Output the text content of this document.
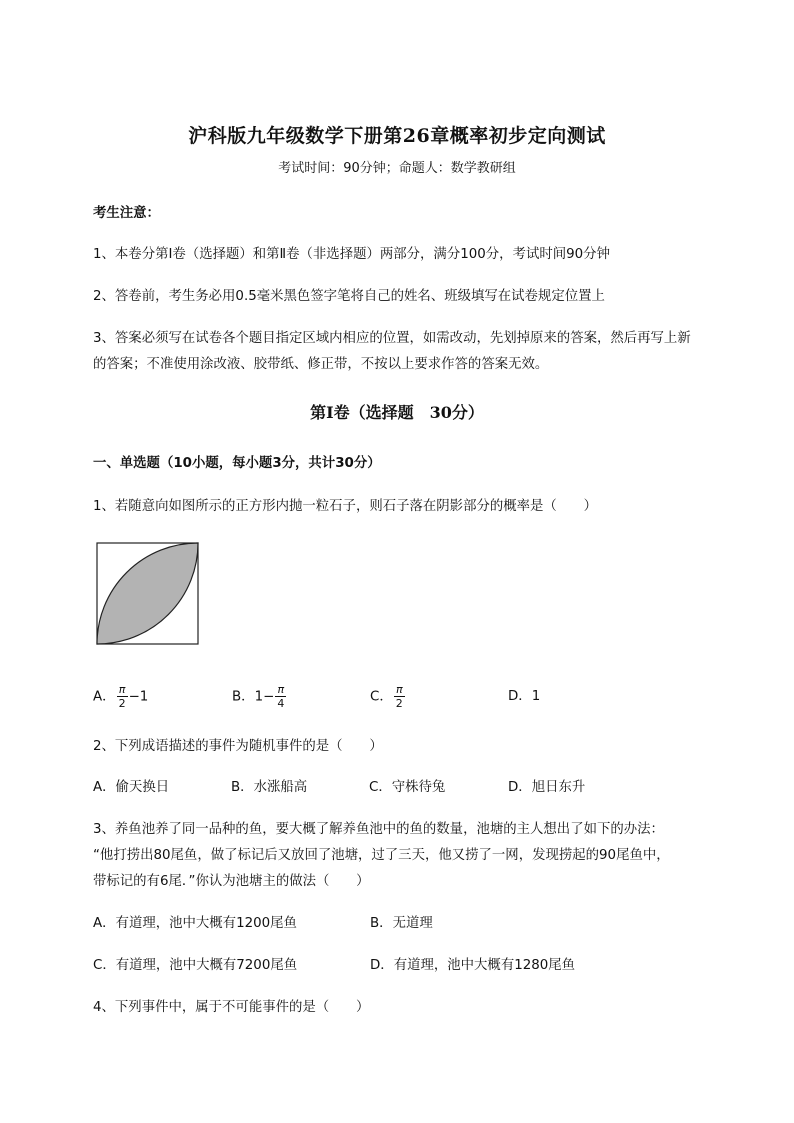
沪科版九年级数学下册第26章概率初步定向测试
考试时间：90分钟；命题人：数学教研组
考生注意：
1、本卷分第Ⅰ卷（选择题）和第Ⅱ卷（非选择题）两部分，满分100分，考试时间90分钟
2、答卷前，考生务必用0.5毫米黑色签字笔将自己的姓名、班级填写在试卷规定位置上
3、答案必须写在试卷各个题目指定区域内相应的位置，如需改动，先划掉原来的答案，然后再写上新
的答案；不准使用涂改液、胶带纸、修正带，不按以上要求作答的答案无效。
第Ⅰ卷（选择题　30分）
一、单选题（10小题，每小题3分，共计30分）
1、若随意向如图所示的正方形内抛一粒石子，则石子落在阴影部分的概率是（　　）
A． $\frac{\pi}{2} -1$	B．$1- \frac{\pi}{4}$	C． $\frac{\pi}{2}$	D．1
2、下列成语描述的事件为随机事件的是（　　）
A．偷天换日	B．水涨船高	C．守株待兔	D．旭日东升
3、养鱼池养了同一品种的鱼，要大概了解养鱼池中的鱼的数量，池塘的主人想出了如下的办法：
“他打捞出80尾鱼，做了标记后又放回了池塘，过了三天，他又捞了一网，发现捞起的90尾鱼中，
带标记的有6尾．”你认为池塘主的做法（　　）
A．有道理，池中大概有1200尾鱼	B．无道理
C．有道理，池中大概有7200尾鱼	D．有道理，池中大概有1280尾鱼
4、下列事件中，属于不可能事件的是（　　）
